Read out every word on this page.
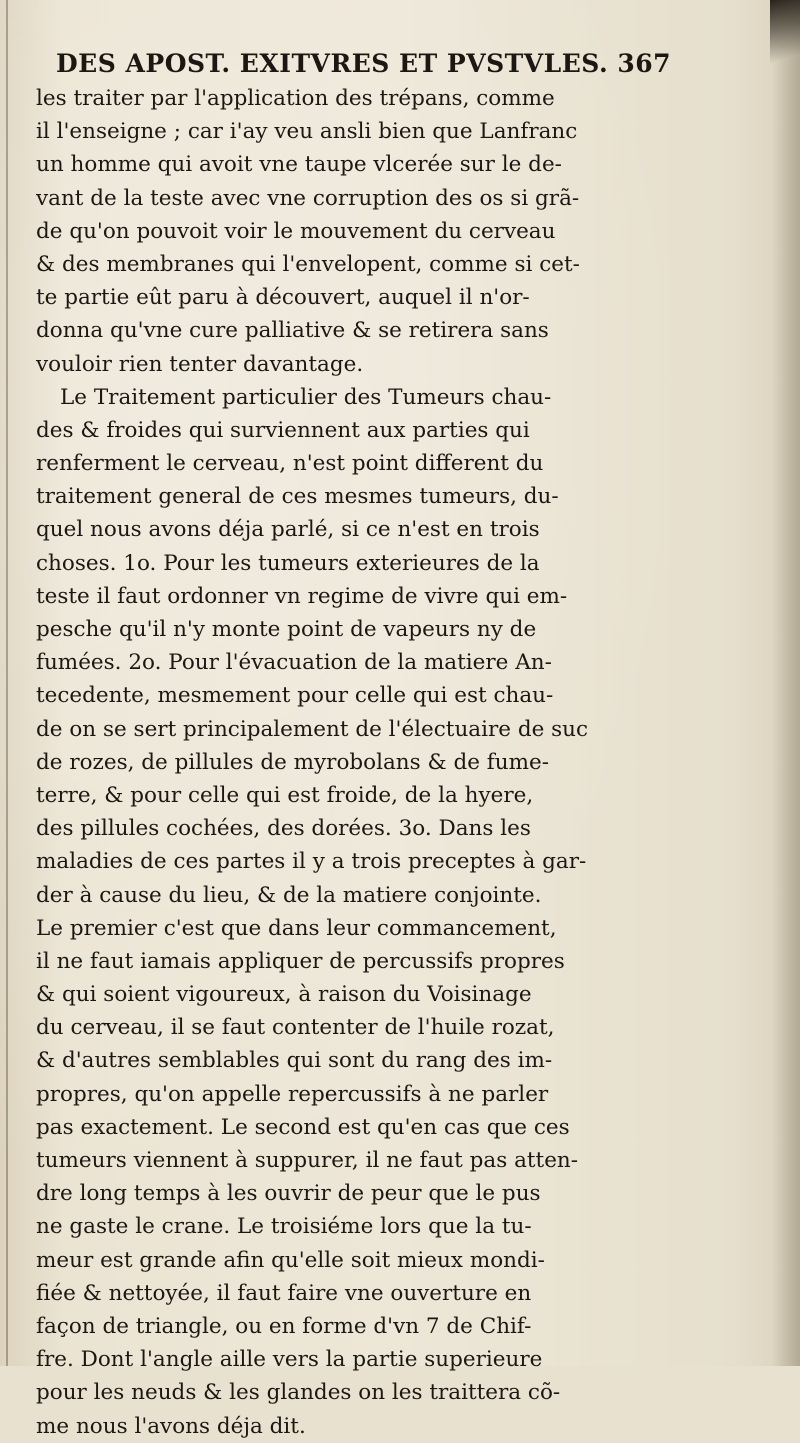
DES APOST. EXITVRES ET PVSTVLES. 367
les traiter par l'application des trépans, comme
il l'enseigne ; car i'ay veu ansli bien que Lanfranc
un homme qui avoit vne taupe vlcerée sur le de-
vant de la teste avec vne corruption des os si grã-
de qu'on pouvoit voir le mouvement du cerveau
& des membranes qui l'envelopent, comme si cet-
te partie eût paru à découvert, auquel il n'or-
donna qu'vne cure palliative & se retirera sans
vouloir rien tenter davantage.
Le Traitement particulier des Tumeurs chau-
des & froides qui surviennent aux parties qui
renferment le cerveau, n'est point different du
traitement general de ces mesmes tumeurs, du-
quel nous avons déja parlé, si ce n'est en trois
choses. 1o. Pour les tumeurs exterieures de la
teste il faut ordonner vn regime de vivre qui em-
pesche qu'il n'y monte point de vapeurs ny de
fumées. 2o. Pour l'évacuation de la matiere An-
tecedente, mesmement pour celle qui est chau-
de on se sert principalement de l'électuaire de suc
de rozes, de pillules de myrobolans & de fume-
terre, & pour celle qui est froide, de la hyere,
des pillules cochées, des dorées. 3o. Dans les
maladies de ces partes il y a trois preceptes à gar-
der à cause du lieu, & de la matiere conjointe.
Le premier c'est que dans leur commancement,
il ne faut iamais appliquer de percussifs propres
& qui soient vigoureux, à raison du Voisinage
du cerveau, il se faut contenter de l'huile rozat,
& d'autres semblables qui sont du rang des im-
propres, qu'on appelle repercussifs à ne parler
pas exactement. Le second est qu'en cas que ces
tumeurs viennent à suppurer, il ne faut pas atten-
dre long temps à les ouvrir de peur que le pus
ne gaste le crane. Le troisiéme lors que la tu-
meur est grande afin qu'elle soit mieux mondi-
fiée & nettoyée, il faut faire vne ouverture en
façon de triangle, ou en forme d'vn 7 de Chif-
fre. Dont l'angle aille vers la partie superieure
pour les neuds & les glandes on les traittera cõ-
me nous l'avons déja dit.
